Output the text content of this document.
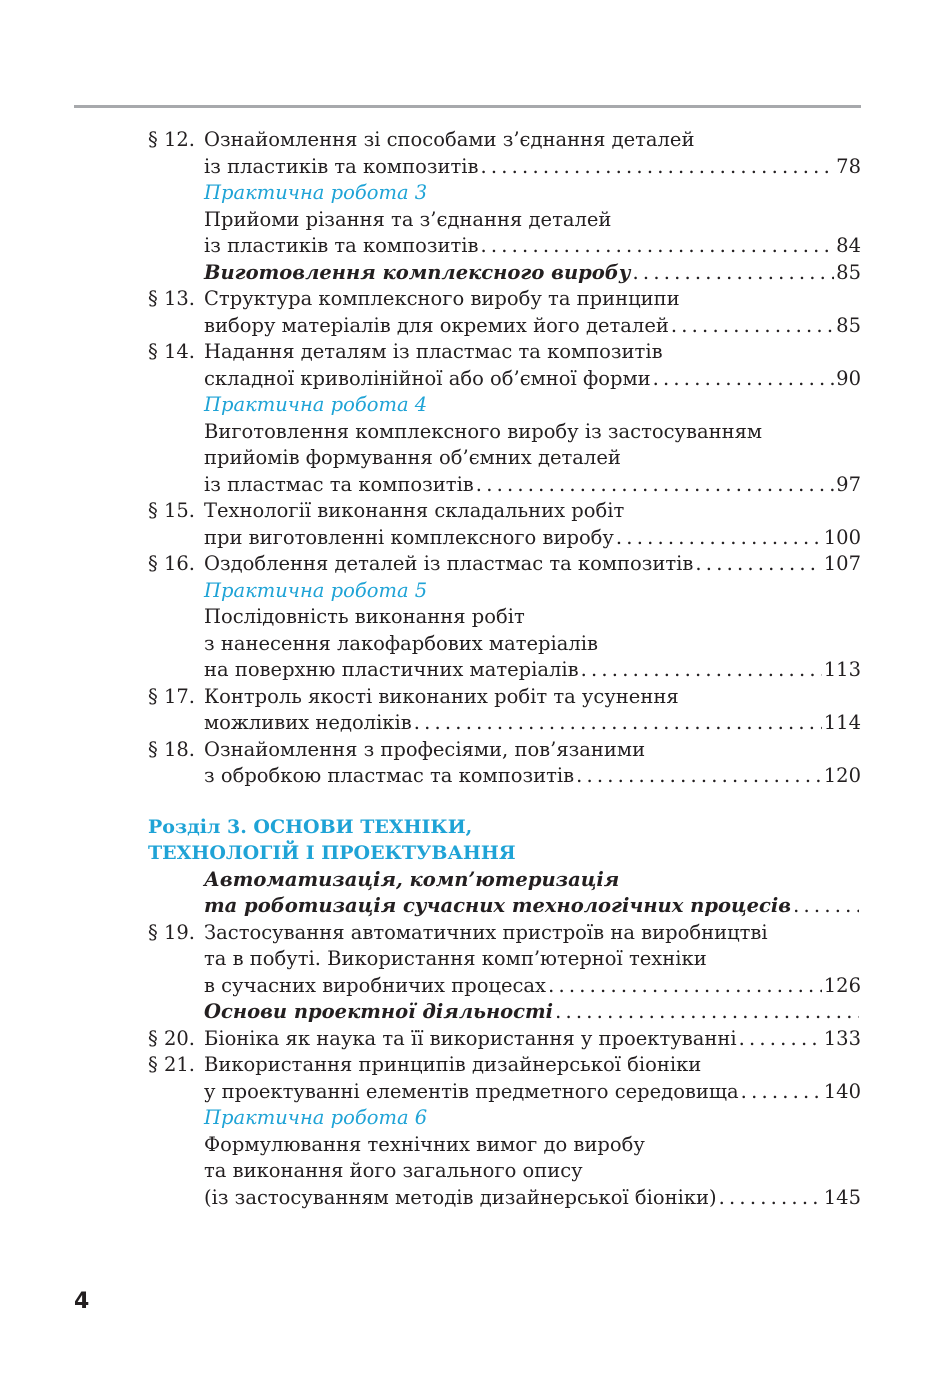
§ 12. Ознайомлення зі способами з’єднання деталей
із пластиків та композитів . . .	78
Практична робота 3
Прийоми різання та з’єднання деталей
із пластиків та композитів . . .	84
Виготовлення комплексного виробу . . .	85
§ 13. Структура комплексного виробу та принципи
вибору матеріалів для окремих його деталей . . .	85
§ 14. Надання деталям із пластмас та композитів
складної криволінійної або об’ємної форми . . .	90
Практична робота 4
Виготовлення комплексного виробу із застосуванням
прийомів формування об’ємних деталей
із пластмас та композитів . . .	97
§ 15. Технології виконання складальних робіт
при виготовленні комплексного виробу . . .	100
§ 16. Оздоблення деталей із пластмас та композитів . . .	107
Практична робота 5
Послідовність виконання робіт
з нанесення лакофарбових матеріалів
на поверхню пластичних матеріалів . . .	113
§ 17. Контроль якості виконаних робіт та усунення
можливих недоліків . . .	114
§ 18. Ознайомлення з професіями, пов’язаними
з обробкою пластмас та композитів . . .	120
Розділ 3. ОСНОВИ ТЕХНІКИ,
ТЕХНОЛОГІЙ І ПРОЕКТУВАННЯ
Автоматизація, комп’ютеризація
та роботизація сучасних технологічних процесів
. . .
§ 19. Застосування автоматичних пристроїв на виробництві
та в побуті. Використання комп’ютерної техніки
в сучасних виробничих процесах . . .	126
Основи проектної діяльності
. . .
§ 20. Біоніка як наука та її використання у проектуванні . . .	133
§ 21. Використання принципів дизайнерської біоніки
у проектуванні елементів предметного середовища . . .	140
Практична робота 6
Формулювання технічних вимог до виробу
та виконання його загального опису
(із застосуванням методів дизайнерської біоніки) . . .	145
4
